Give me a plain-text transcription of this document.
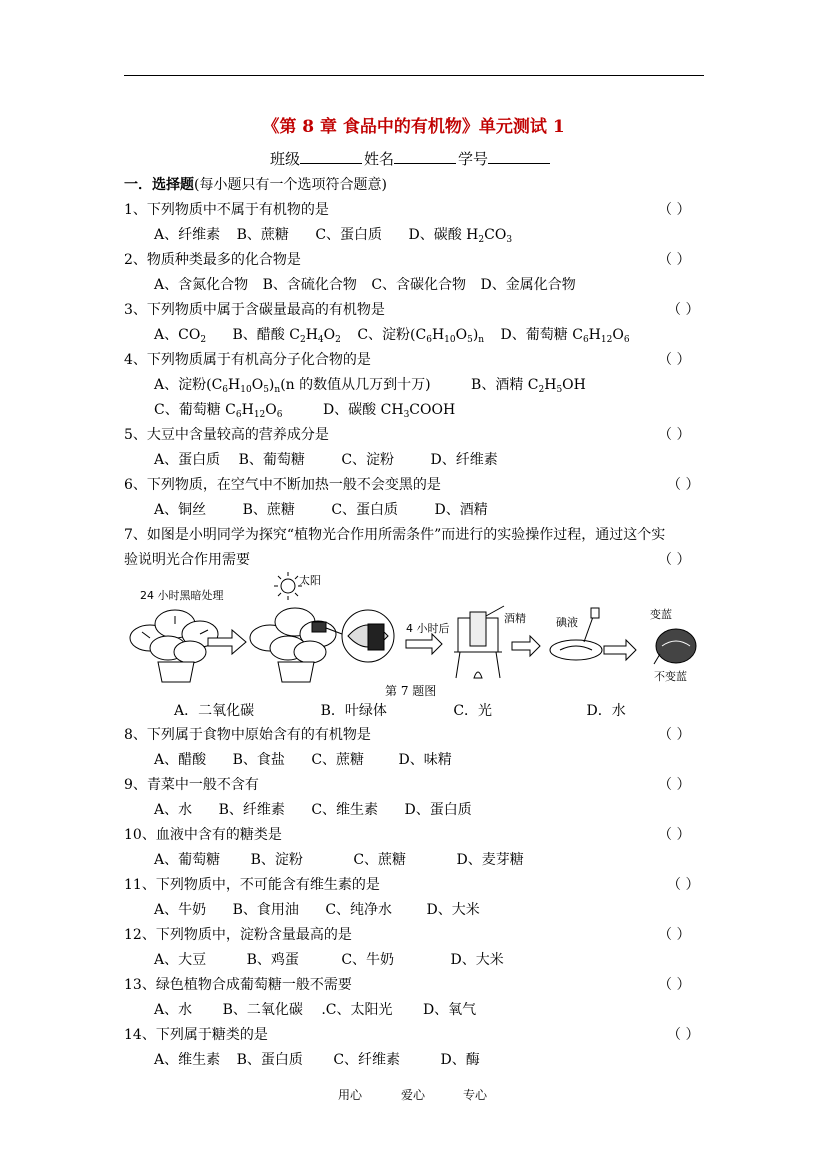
《第 8 章 食品中的有机物》单元测试 1
班级	姓名	学号
一．选择题(每小题只有一个选项符合题意)
1、下列物质中不属于有机物的是	（ ）
A、纤维素 B、蔗糖 C、蛋白质 D、碳酸 $H_2CO_3$
2、物质种类最多的化合物是	（ ）
A、含氮化合物 B、含硫化合物 C、含碳化合物 D、金属化合物
3、下列物质中属于含碳量最高的有机物是	（ ）
A、$CO_2$ B、醋酸 $C_2H_4O_2$ C、淀粉$(C_6H_{10}O_5)_n$ D、葡萄糖 $C_6H_{12}O_6$
4、下列物质属于有机高分子化合物的是	（ ）
A、淀粉$(C_6H_{10}O_5)_n(n$ 的数值从几万到十万)	B、酒精 $C_2H_5OH$
C、葡萄糖 $C_6H_{12}O_6$	D、碳酸 $CH_3COOH$
5、大豆中含量较高的营养成分是	（ ）
A、蛋白质 B、葡萄糖	C、淀粉	D、纤维素
6、下列物质，在空气中不断加热一般不会变黑的是	（ ）
A、铜丝	B、蔗糖	C、蛋白质	D、酒精
7、如图是小明同学为探究“植物光合作用所需条件”而进行的实验操作过程，通过这个实
验说明光合作用需要	（ ）
24 小时黑暗处理
太阳
4 小时后
酒精	碘液
变蓝
不变蓝
第 7 题图
A．二氧化碳	B．叶绿体	C．光	D．水
8、下列属于食物中原始含有的有机物是	（ ）
A、醋酸 B、食盐 C、蔗糖 D、味精
9、青菜中一般不含有	（ ）
A、水 B、纤维素 C、维生素 D、蛋白质
10、血液中含有的糖类是	（ ）
A、葡萄糖 B、淀粉	C、蔗糖	D、麦芽糖
11、下列物质中，不可能含有维生素的是	（ ）
A、牛奶 B、食用油 C、纯净水 D、大米
12、下列物质中，淀粉含量最高的是	（ ）
A、大豆	B、鸡蛋	C、牛奶	D、大米
13、绿色植物合成葡萄糖一般不需要	（ ）
A、水 B、二氧化碳 .C、太阳光 D、氧气
14、下列属于糖类的是	（ ）
A、维生素 B、蛋白质 C、纤维素	D、酶
用心	爱心	专心
